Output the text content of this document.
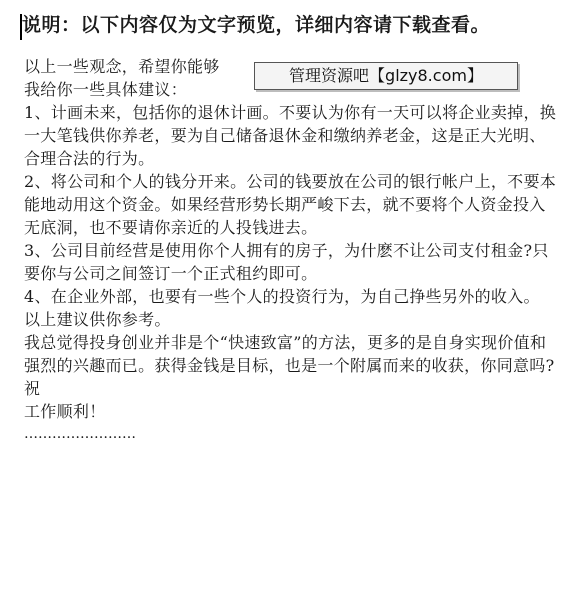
说明：以下内容仅为文字预览，详细内容请下载查看。

以上一些观念，希望你能够

我给你一些具体建议：

1、计画未来，包括你的退休计画。不要认为你有一天可以将企业卖掉，换一大笔钱供你养老，要为自己储备退休金和缴纳养老金，这是正大光明、合理合法的行为。

2、将公司和个人的钱分开来。公司的钱要放在公司的银行帐户上，不要本能地动用这个资金。如果经营形势长期严峻下去，就不要将个人资金投入无底洞，也不要请你亲近的人投钱进去。

3、公司目前经营是使用你个人拥有的房子，为什麽不让公司支付租金?只要你与公司之间签订一个正式租约即可。

4、在企业外部，也要有一些个人的投资行为，为自己挣些另外的收入。

以上建议供你参考。

我总觉得投身创业并非是个“快速致富”的方法，更多的是自身实现价值和强烈的兴趣而已。获得金钱是目标，也是一个附属而来的收获，你同意吗?

祝

工作顺利！

……………………

管理资源吧【glzy8.com】
